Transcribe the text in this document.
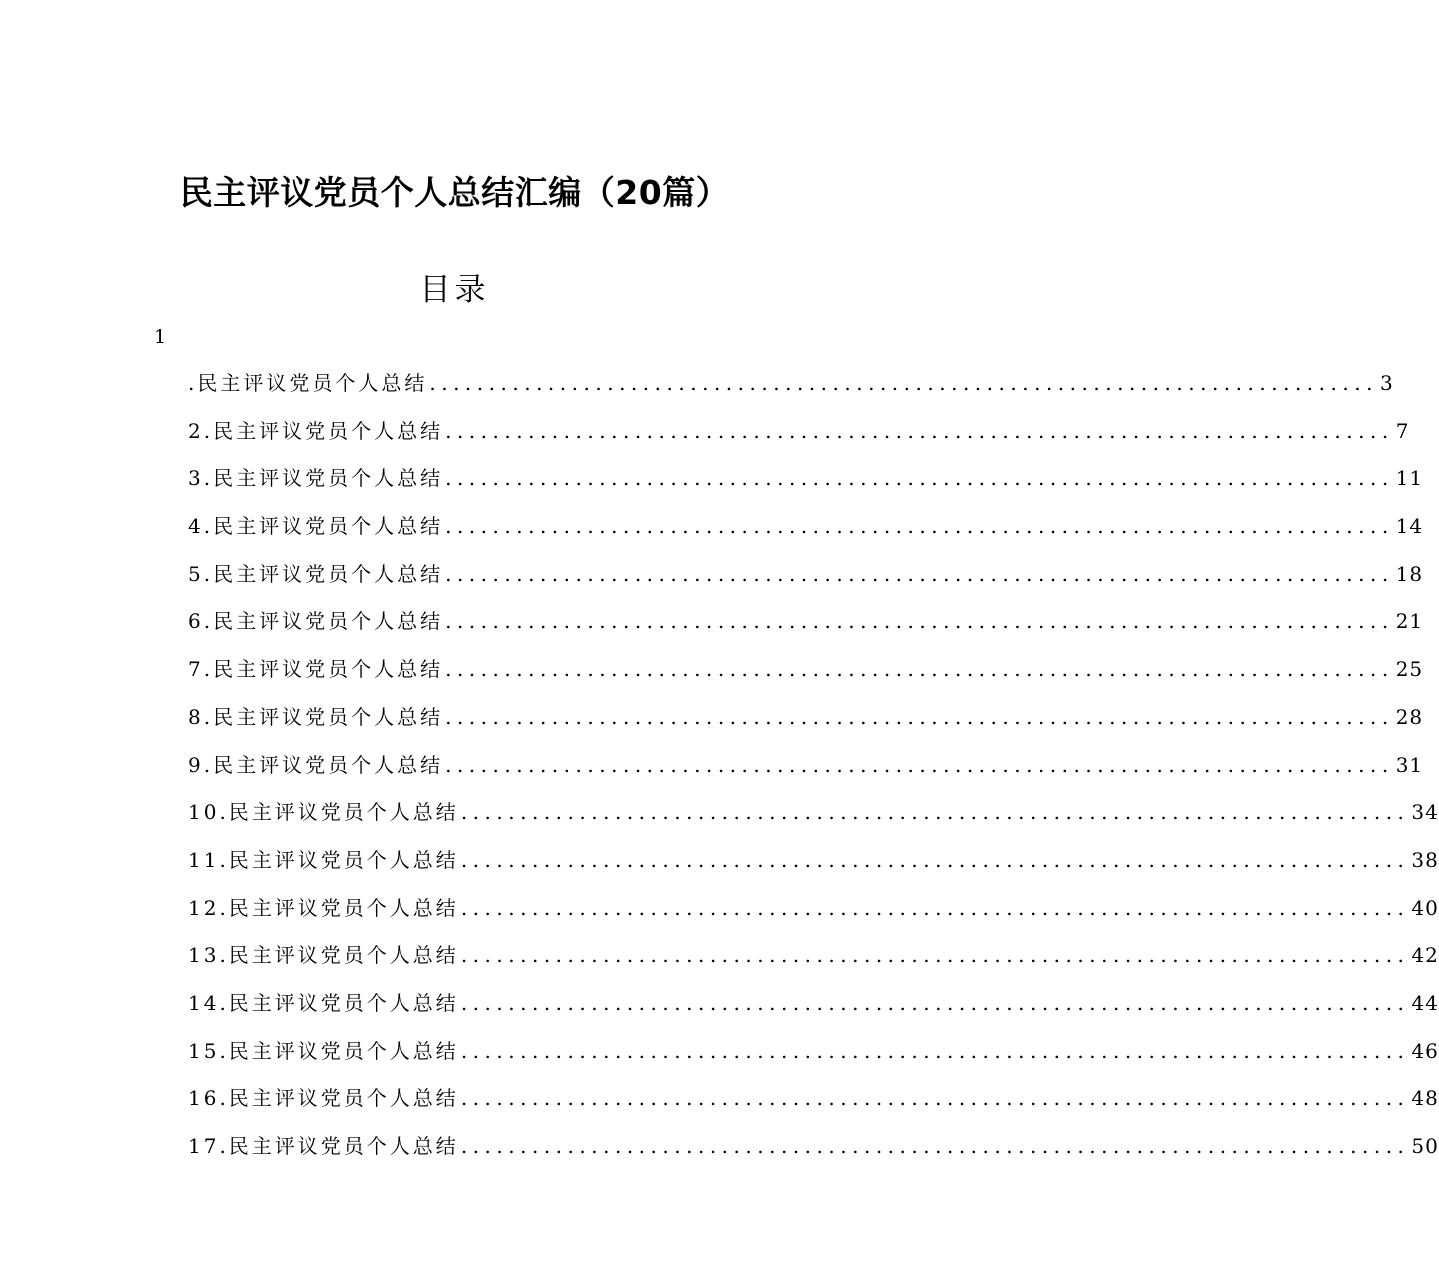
民主评议党员个人总结汇编（20篇）
目录
1
.民主评议党员个人总结 ................................................................................ 3
2.民主评议党员个人总结 ................................................................................ 7
3.民主评议党员个人总结 ................................................................................ 11
4.民主评议党员个人总结 ................................................................................ 14
5.民主评议党员个人总结 ................................................................................ 18
6.民主评议党员个人总结 ................................................................................ 21
7.民主评议党员个人总结 ................................................................................ 25
8.民主评议党员个人总结 ................................................................................ 28
9.民主评议党员个人总结 ................................................................................ 31
10.民主评议党员个人总结 ................................................................................ 34
11.民主评议党员个人总结 ................................................................................ 38
12.民主评议党员个人总结 ................................................................................ 40
13.民主评议党员个人总结 ................................................................................ 42
14.民主评议党员个人总结 ................................................................................ 44
15.民主评议党员个人总结 ................................................................................ 46
16.民主评议党员个人总结 ................................................................................ 48
17.民主评议党员个人总结 ................................................................................ 50
